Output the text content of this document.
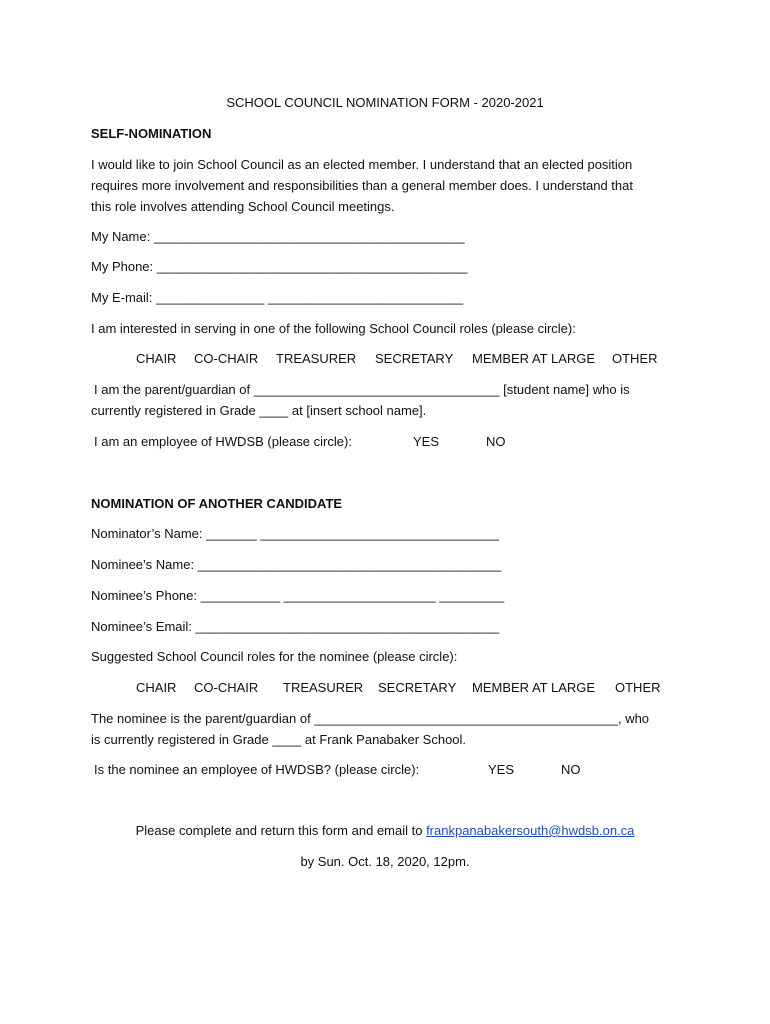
SCHOOL COUNCIL NOMINATION FORM - 2020-2021
SELF-NOMINATION
I would like to join School Council as an elected member. I understand that an elected position
requires more involvement and responsibilities than a general member does. I understand that
this role involves attending School Council meetings.
My Name: ___________________________________________
My Phone: ___________________________________________
My E-mail: _______________ ___________________________
I am interested in serving in one of the following School Council roles (please circle):
CHAIR CO-CHAIR TREASURER SECRETARY MEMBER AT LARGE OTHER
I am the parent/guardian of __________________________________ [student name] who is
currently registered in Grade ____ at [insert school name].
I am an employee of HWDSB (please circle):	YES	NO
NOMINATION OF ANOTHER CANDIDATE
Nominator’s Name: _______ _________________________________
Nominee’s Name: __________________________________________
Nominee’s Phone: ___________ _____________________ _________
Nominee’s Email: __________________________________________
Suggested School Council roles for the nominee (please circle):
CHAIR CO-CHAIR TREASURER SECRETARY MEMBER AT LARGE OTHER
The nominee is the parent/guardian of __________________________________________, who
is currently registered in Grade ____ at Frank Panabaker School.
Is the nominee an employee of HWDSB? (please circle):	YES	NO
Please complete and return this form and email to frankpanabakersouth@hwdsb.on.ca
by Sun. Oct. 18, 2020, 12pm.
